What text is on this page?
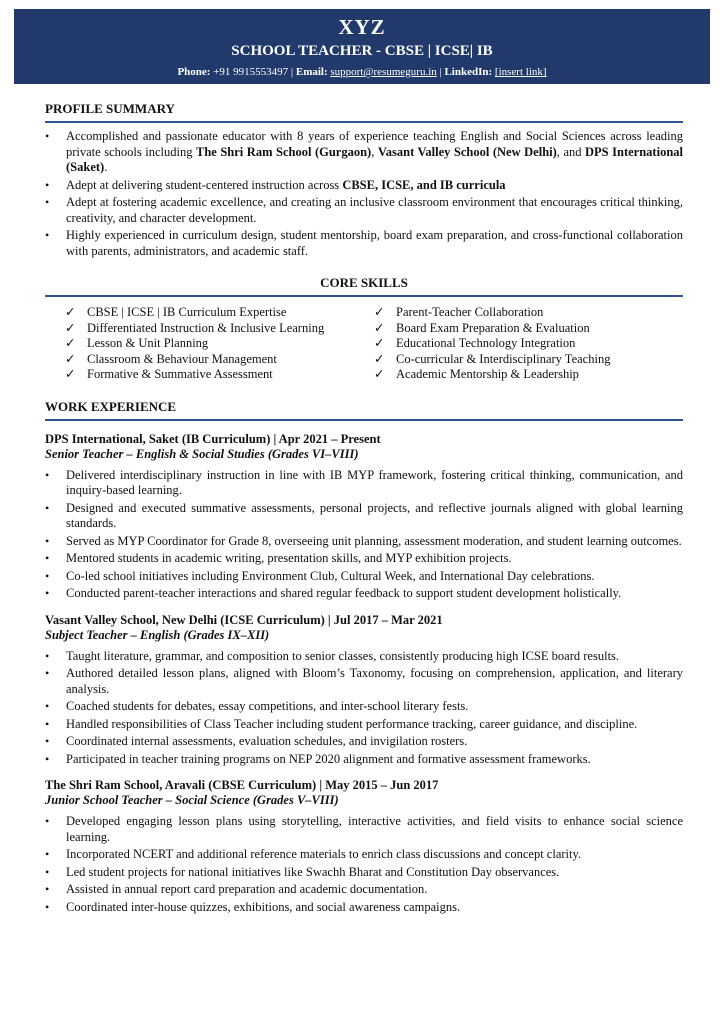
XYZ
SCHOOL TEACHER - CBSE | ICSE| IB
Phone: +91 9915553497 | Email: support@resumeguru.in | LinkedIn: [insert link]
PROFILE SUMMARY
• Accomplished and passionate educator with 8 years of experience teaching English and Social Sciences across leading private schools including The Shri Ram School (Gurgaon), Vasant Valley School (New Delhi), and DPS International (Saket).
• Adept at delivering student-centered instruction across CBSE, ICSE, and IB curricula
• Adept at fostering academic excellence, and creating an inclusive classroom environment that encourages critical thinking, creativity, and character development.
• Highly experienced in curriculum design, student mentorship, board exam preparation, and cross-functional collaboration with parents, administrators, and academic staff.
CORE SKILLS
✓ CBSE | ICSE | IB Curriculum Expertise
✓ Differentiated Instruction & Inclusive Learning
✓ Lesson & Unit Planning
✓ Classroom & Behaviour Management
✓ Formative & Summative Assessment
✓ Parent-Teacher Collaboration
✓ Board Exam Preparation & Evaluation
✓ Educational Technology Integration
✓ Co-curricular & Interdisciplinary Teaching
✓ Academic Mentorship & Leadership
WORK EXPERIENCE
DPS International, Saket (IB Curriculum) | Apr 2021 – Present
Senior Teacher – English & Social Studies (Grades VI–VIII)
• Delivered interdisciplinary instruction in line with IB MYP framework, fostering critical thinking, communication, and inquiry-based learning.
• Designed and executed summative assessments, personal projects, and reflective journals aligned with global learning standards.
• Served as MYP Coordinator for Grade 8, overseeing unit planning, assessment moderation, and student learning outcomes.
• Mentored students in academic writing, presentation skills, and MYP exhibition projects.
• Co-led school initiatives including Environment Club, Cultural Week, and International Day celebrations.
• Conducted parent-teacher interactions and shared regular feedback to support student development holistically.
Vasant Valley School, New Delhi (ICSE Curriculum) | Jul 2017 – Mar 2021
Subject Teacher – English (Grades IX–XII)
• Taught literature, grammar, and composition to senior classes, consistently producing high ICSE board results.
• Authored detailed lesson plans, aligned with Bloom’s Taxonomy, focusing on comprehension, application, and literary analysis.
• Coached students for debates, essay competitions, and inter-school literary fests.
• Handled responsibilities of Class Teacher including student performance tracking, career guidance, and discipline.
• Coordinated internal assessments, evaluation schedules, and invigilation rosters.
• Participated in teacher training programs on NEP 2020 alignment and formative assessment frameworks.
The Shri Ram School, Aravali (CBSE Curriculum) | May 2015 – Jun 2017
Junior School Teacher – Social Science (Grades V–VIII)
• Developed engaging lesson plans using storytelling, interactive activities, and field visits to enhance social science learning.
• Incorporated NCERT and additional reference materials to enrich class discussions and concept clarity.
• Led student projects for national initiatives like Swachh Bharat and Constitution Day observances.
• Assisted in annual report card preparation and academic documentation.
• Coordinated inter-house quizzes, exhibitions, and social awareness campaigns.
